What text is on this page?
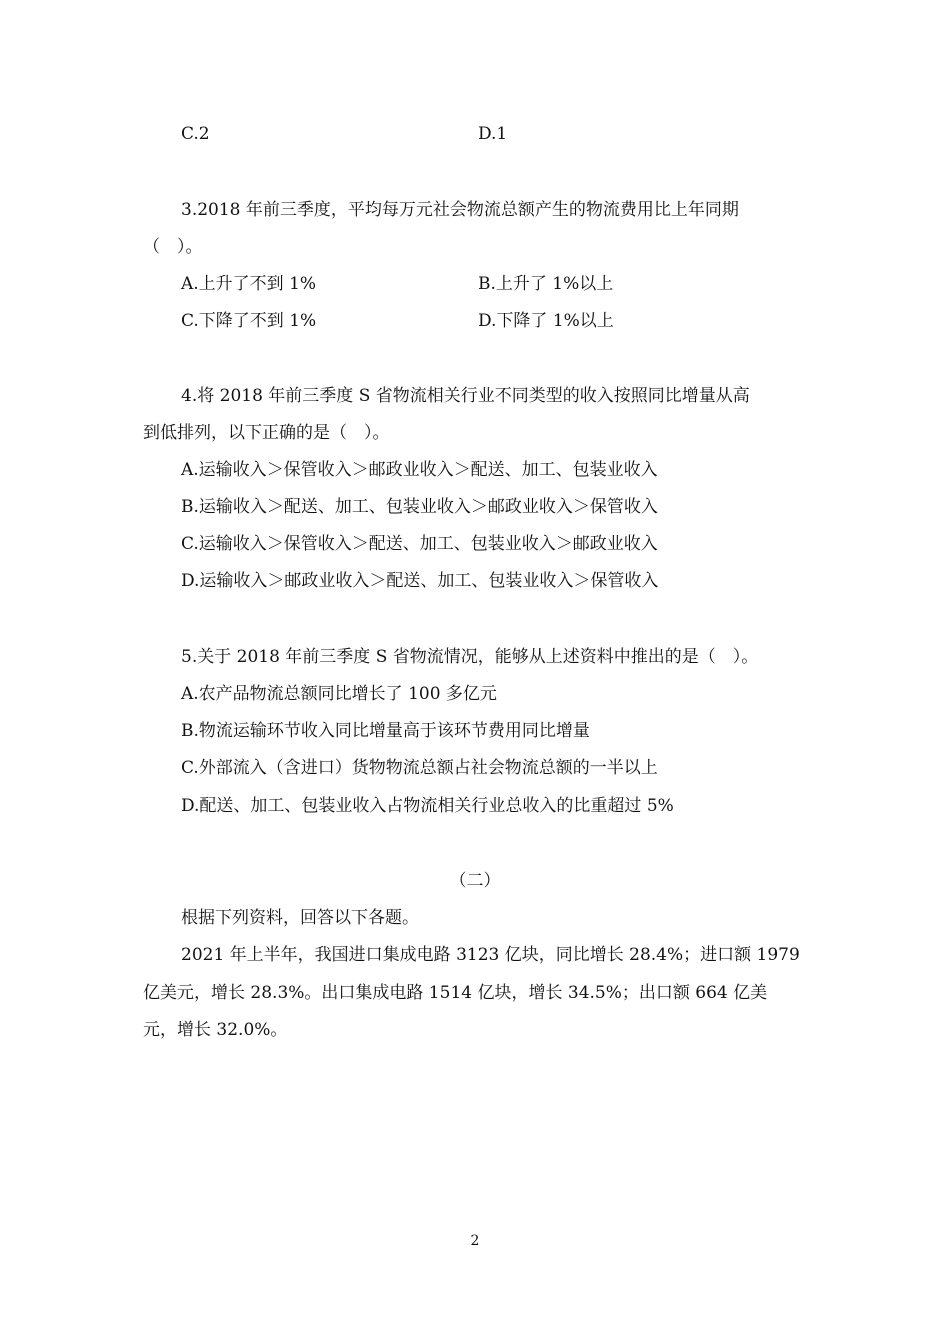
C.2	D.1
3.2018 年前三季度，平均每万元社会物流总额产生的物流费用比上年同期
（　）。
A.上升了不到 1%	B.上升了 1%以上
C.下降了不到 1%	D.下降了 1%以上
4.将 2018 年前三季度 S 省物流相关行业不同类型的收入按照同比增量从高
到低排列，以下正确的是（　）。
A.运输收入＞保管收入＞邮政业收入＞配送、加工、包装业收入
B.运输收入＞配送、加工、包装业收入＞邮政业收入＞保管收入
C.运输收入＞保管收入＞配送、加工、包装业收入＞邮政业收入
D.运输收入＞邮政业收入＞配送、加工、包装业收入＞保管收入
5.关于 2018 年前三季度 S 省物流情况，能够从上述资料中推出的是（　）。
A.农产品物流总额同比增长了 100 多亿元
B.物流运输环节收入同比增量高于该环节费用同比增量
C.外部流入（含进口）货物物流总额占社会物流总额的一半以上
D.配送、加工、包装业收入占物流相关行业总收入的比重超过 5%
（二）
根据下列资料，回答以下各题。
2021 年上半年，我国进口集成电路 3123 亿块，同比增长 28.4%；进口额 1979
亿美元，增长 28.3%。出口集成电路 1514 亿块，增长 34.5%；出口额 664 亿美
元，增长 32.0%。
2
